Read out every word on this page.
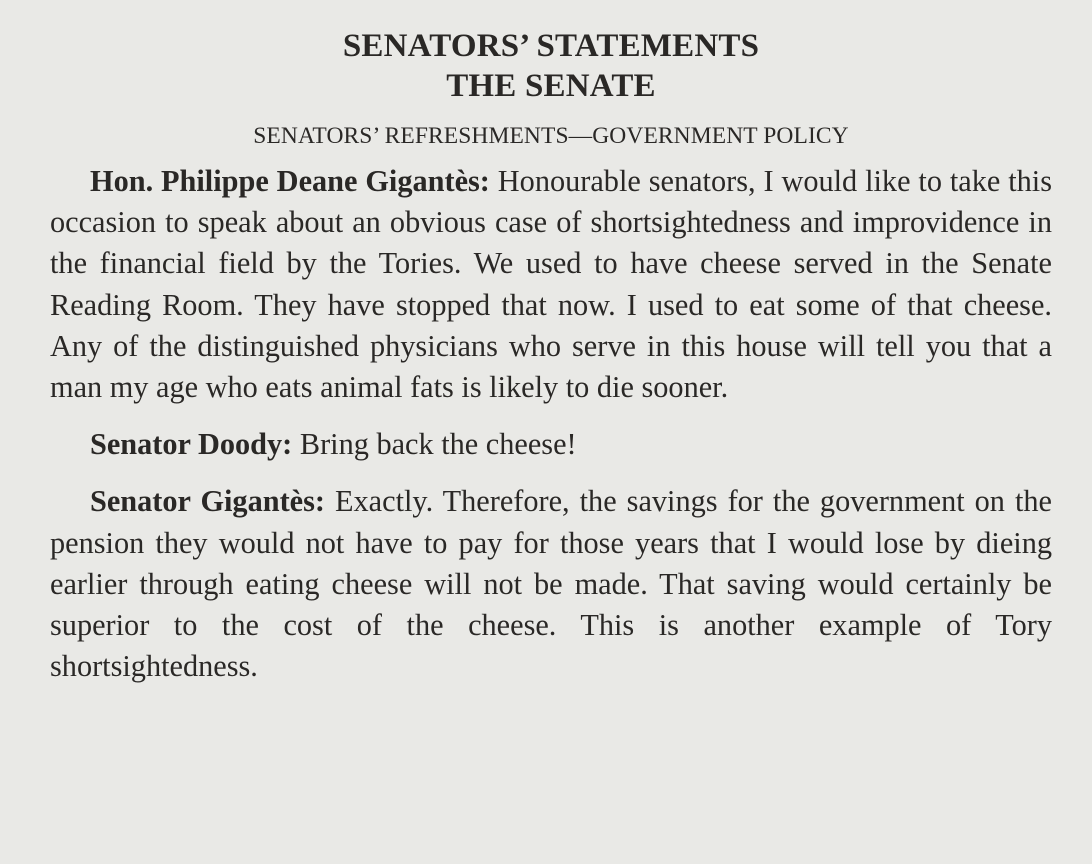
SENATORS’ STATEMENTS
THE SENATE
SENATORS’ REFRESHMENTS—GOVERNMENT POLICY

Hon. Philippe Deane Gigantès: Honourable senators, I would like to take this occasion to speak about an obvious case of shortsightedness and improvidence in the financial field by the Tories. We used to have cheese served in the Senate Reading Room. They have stopped that now. I used to eat some of that cheese. Any of the distinguished physicians who serve in this house will tell you that a man my age who eats animal fats is likely to die sooner.

Senator Doody: Bring back the cheese!

Senator Gigantès: Exactly. Therefore, the savings for the government on the pension they would not have to pay for those years that I would lose by dieing earlier through eating cheese will not be made. That saving would certainly be superior to the cost of the cheese. This is another example of Tory shortsightedness.
